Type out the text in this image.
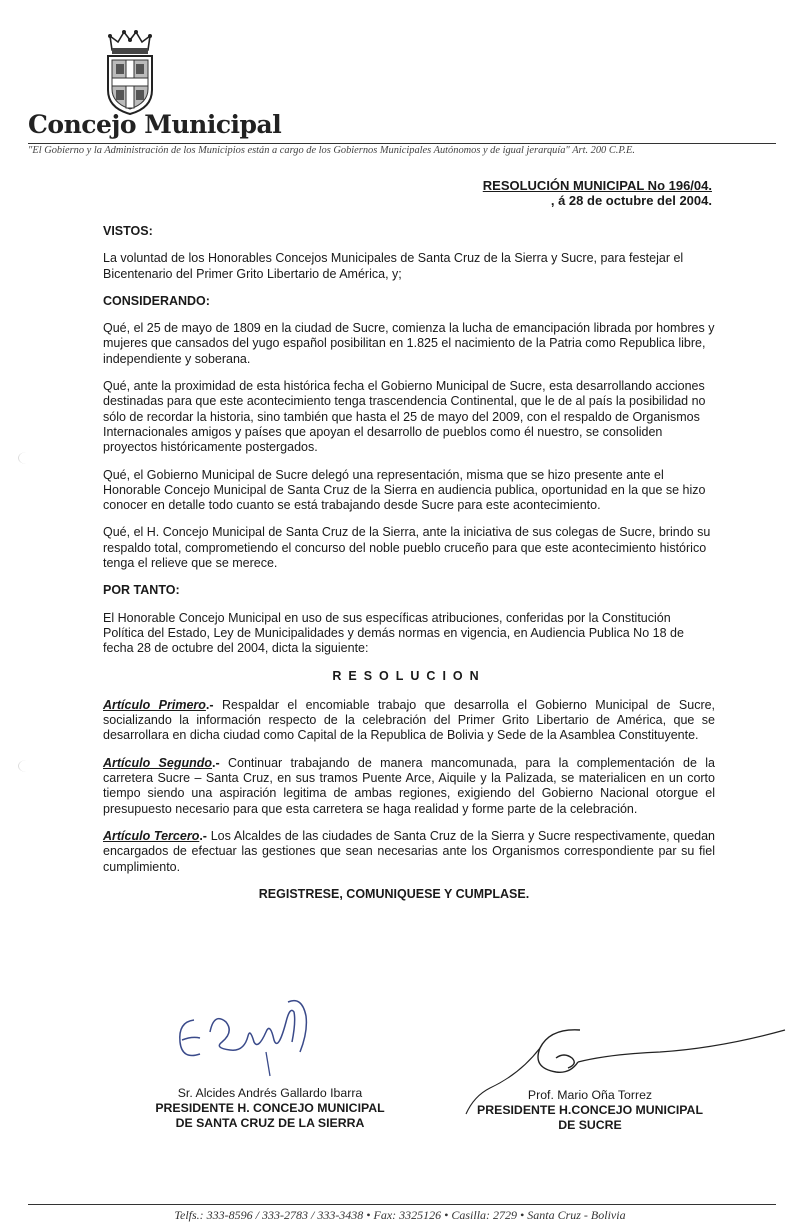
Concejo Municipal
"El Gobierno y la Administración de los Municipios están a cargo de los Gobiernos Municipales Autónomos y de igual jerarquía" Art. 200 C.P.E.
RESOLUCIÓN MUNICIPAL No 196/04.
, á 28 de octubre del 2004.
VISTOS:

La voluntad de los Honorables Concejos Municipales de Santa Cruz de la Sierra y Sucre, para festejar el Bicentenario del Primer Grito Libertario de América, y;

CONSIDERANDO:

Qué, el 25 de mayo de 1809 en la ciudad de Sucre, comienza la lucha de emancipación librada por hombres y mujeres que cansados del yugo español posibilitan en 1.825 el nacimiento de la Patria como Republica libre, independiente y soberana.

Qué, ante la proximidad de esta histórica fecha el Gobierno Municipal de Sucre, esta desarrollando acciones destinadas para que este acontecimiento tenga trascendencia Continental, que le de al país la posibilidad no sólo de recordar la historia, sino también que hasta el 25 de mayo del 2009, con el respaldo de Organismos Internacionales amigos y países que apoyan el desarrollo de pueblos como él nuestro, se consoliden proyectos históricamente postergados.

Qué, el Gobierno Municipal de Sucre delegó una representación, misma que se hizo presente ante el Honorable Concejo Municipal de Santa Cruz de la Sierra en audiencia publica, oportunidad en la que se hizo conocer en detalle todo cuanto se está trabajando desde Sucre para este acontecimiento.

Qué, el H. Concejo Municipal de Santa Cruz de la Sierra, ante la iniciativa de sus colegas de Sucre, brindo su respaldo total, comprometiendo el concurso del noble pueblo cruceño para que este acontecimiento histórico tenga el relieve que se merece.

POR TANTO:

El Honorable Concejo Municipal en uso de sus específicas atribuciones, conferidas por la Constitución Política del Estado, Ley de Municipalidades y demás normas en vigencia, en Audiencia Publica No 18 de fecha 28 de octubre del 2004, dicta la siguiente:

RESOLUCION

Artículo Primero.- Respaldar el encomiable trabajo que desarrolla el Gobierno Municipal de Sucre, socializando la información respecto de la celebración del Primer Grito Libertario de América, que se desarrollara en dicha ciudad como Capital de la Republica de Bolivia y Sede de la Asamblea Constituyente.

Artículo Segundo.- Continuar trabajando de manera mancomunada, para la complementación de la carretera Sucre – Santa Cruz, en sus tramos Puente Arce, Aiquile y la Palizada, se materialicen en un corto tiempo siendo una aspiración legitima de ambas regiones, exigiendo del Gobierno Nacional otorgue el presupuesto necesario para que esta carretera se haga realidad y forme parte de la celebración.

Artículo Tercero.- Los Alcaldes de las ciudades de Santa Cruz de la Sierra y Sucre respectivamente, quedan encargados de efectuar las gestiones que sean necesarias ante los Organismos correspondiente par su fiel cumplimiento.

REGISTRESE, COMUNIQUESE Y CUMPLASE.
Sr. Alcides Andrés Gallardo Ibarra
PRESIDENTE H. CONCEJO MUNICIPAL
DE SANTA CRUZ DE LA SIERRA
Prof. Mario Oña Torrez
PRESIDENTE H.CONCEJO MUNICIPAL
DE SUCRE
Telfs.: 333-8596 / 333-2783 / 333-3438 • Fax: 3325126 • Casilla: 2729 • Santa Cruz - Bolivia
